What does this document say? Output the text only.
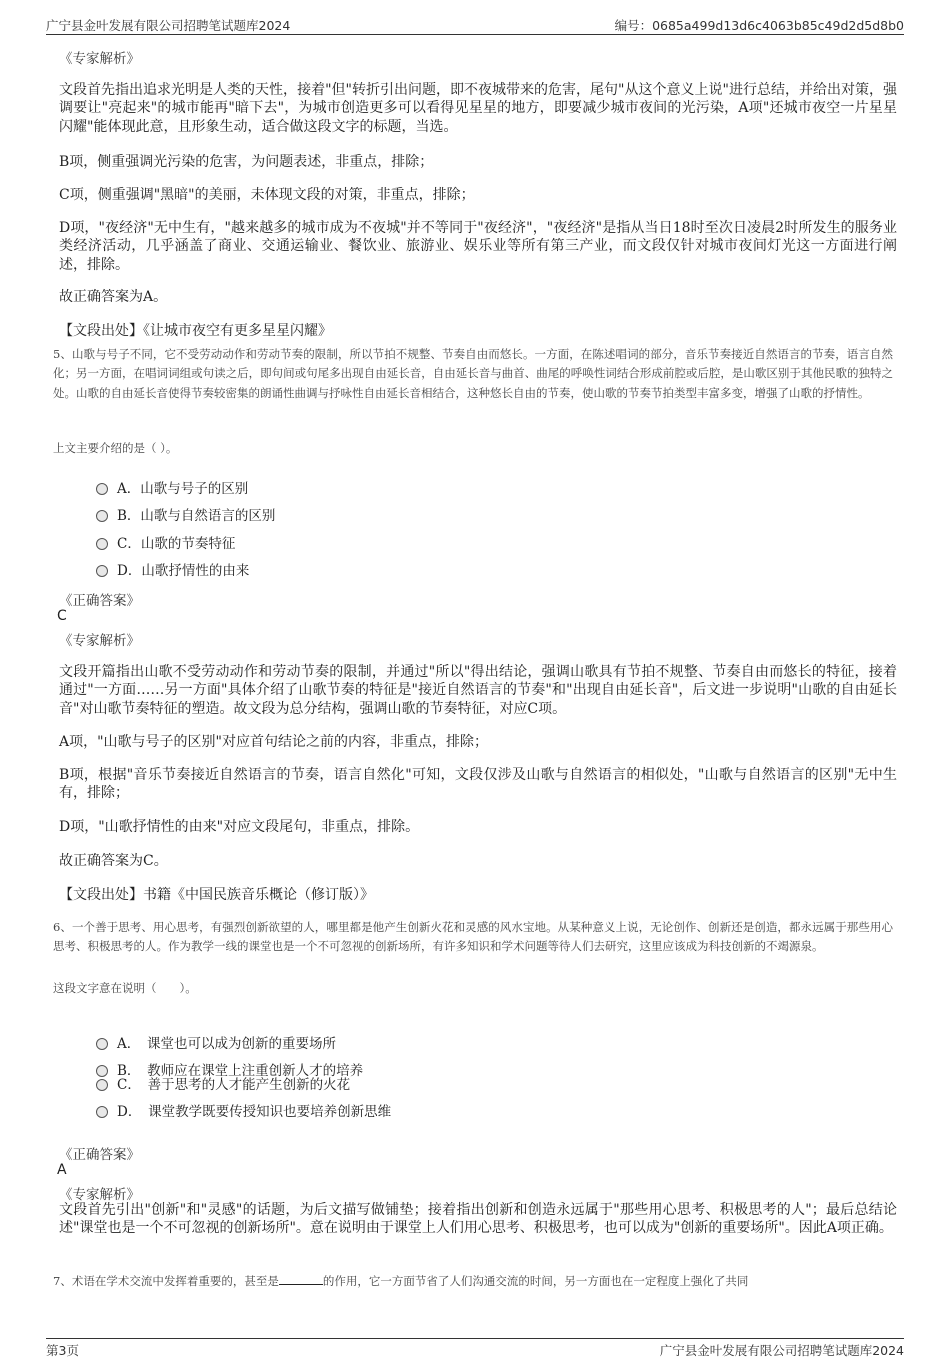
广宁县金叶发展有限公司招聘笔试题库2024	编号：0685a499d13d6c4063b85c49d2d5d8b0
《专家解析》
文段首先指出追求光明是人类的天性，接着"但"转折引出问题，即不夜城带来的危害，尾句"从这个意义上说"进行总结，并给出对策，强调要让"亮起来"的城市能再"暗下去"，为城市创造更多可以看得见星星的地方，即要减少城市夜间的光污染，A项"还城市夜空一片星星闪耀"能体现此意，且形象生动，适合做这段文字的标题，当选。
B项，侧重强调光污染的危害，为问题表述，非重点，排除；
C项，侧重强调"黑暗"的美丽，未体现文段的对策，非重点，排除；
D项，"夜经济"无中生有，"越来越多的城市成为不夜城"并不等同于"夜经济"，"夜经济"是指从当日18时至次日凌晨2时所发生的服务业类经济活动，几乎涵盖了商业、交通运输业、餐饮业、旅游业、娱乐业等所有第三产业，而文段仅针对城市夜间灯光这一方面进行阐述，排除。
故正确答案为A。
【文段出处】《让城市夜空有更多星星闪耀》
5、山歌与号子不同，它不受劳动动作和劳动节奏的限制，所以节拍不规整、节奏自由而悠长。一方面，在陈述唱词的部分，音乐节奏接近自然语言的节奏，语言自然化；另一方面，在唱词词组或句读之后，即句间或句尾多出现自由延长音，自由延长音与曲首、曲尾的呼唤性词结合形成前腔或后腔，是山歌区别于其他民歌的独特之处。山歌的自由延长音使得节奏较密集的朗诵性曲调与抒咏性自由延长音相结合，这种悠长自由的节奏，使山歌的节奏节拍类型丰富多变，增强了山歌的抒情性。
上文主要介绍的是（ ）。
A．山歌与号子的区别
B．山歌与自然语言的区别
C．山歌的节奏特征
D．山歌抒情性的由来
《正确答案》
C
《专家解析》
文段开篇指出山歌不受劳动动作和劳动节奏的限制，并通过"所以"得出结论，强调山歌具有节拍不规整、节奏自由而悠长的特征，接着通过"一方面……另一方面"具体介绍了山歌节奏的特征是"接近自然语言的节奏"和"出现自由延长音"，后文进一步说明"山歌的自由延长音"对山歌节奏特征的塑造。故文段为总分结构，强调山歌的节奏特征，对应C项。
A项，"山歌与号子的区别"对应首句结论之前的内容，非重点，排除；
B项，根据"音乐节奏接近自然语言的节奏，语言自然化"可知，文段仅涉及山歌与自然语言的相似处，"山歌与自然语言的区别"无中生有，排除；
D项，"山歌抒情性的由来"对应文段尾句，非重点，排除。
故正确答案为C。
【文段出处】书籍《中国民族音乐概论（修订版）》
6、一个善于思考、用心思考，有强烈创新欲望的人，哪里都是他产生创新火花和灵感的风水宝地。从某种意义上说，无论创作、创新还是创造，都永远属于那些用心思考、积极思考的人。作为教学一线的课堂也是一个不可忽视的创新场所，有许多知识和学术问题等待人们去研究，这里应该成为科技创新的不竭源泉。
这段文字意在说明（　　）。
A．　课堂也可以成为创新的重要场所
B．　教师应在课堂上注重创新人才的培养
C．　善于思考的人才能产生创新的火花
D．　课堂教学既要传授知识也要培养创新思维
《正确答案》
A
《专家解析》
文段首先引出"创新"和"灵感"的话题，为后文描写做铺垫；接着指出创新和创造永远属于"那些用心思考、积极思考的人"；最后总结论述"课堂也是一个不可忽视的创新场所"。意在说明由于课堂上人们用心思考、积极思考，也可以成为"创新的重要场所"。因此A项正确。
7、术语在学术交流中发挥着重要的，甚至是	的作用，它一方面节省了人们沟通交流的时间，另一方面也在一定程度上强化了共同
第3页	广宁县金叶发展有限公司招聘笔试题库2024
